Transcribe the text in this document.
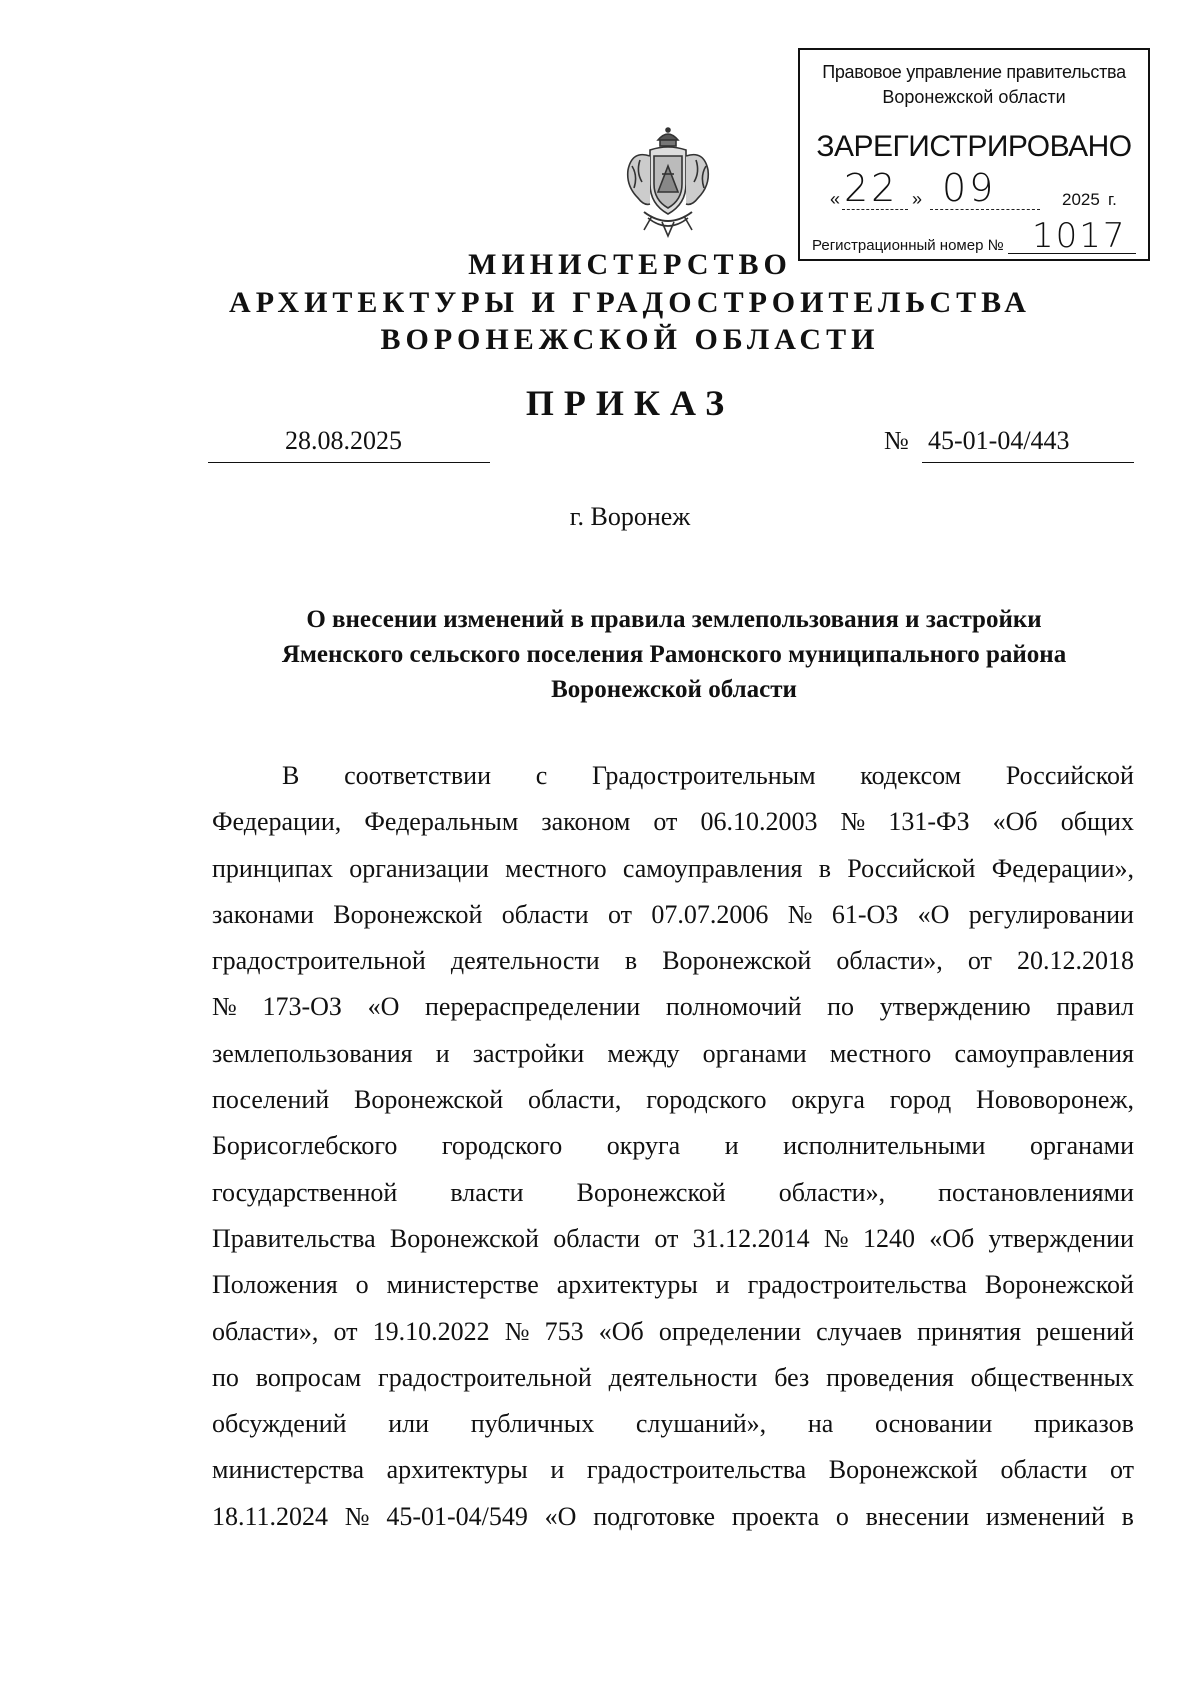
Правовое управление правительства
Воронежской области
ЗАРЕГИСТРИРОВАНО
« 22 » 09	2025 г.
Регистрационный номер № 1017
МИНИСТЕРСТВО
АРХИТЕКТУРЫ И ГРАДОСТРОИТЕЛЬСТВА
ВОРОНЕЖСКОЙ ОБЛАСТИ
ПРИКАЗ
28.08.2025	№ 45-01-04/443
г. Воронеж
О внесении изменений в правила землепользования и застройки
Яменского сельского поселения Рамонского муниципального района
Воронежской области
В соответствии с Градостроительным кодексом Российской
Федерации, Федеральным законом от 06.10.2003 № 131-ФЗ «Об общих
принципах организации местного самоуправления в Российской Федерации»,
законами Воронежской области от 07.07.2006 № 61-ОЗ «О регулировании
градостроительной деятельности в Воронежской области», от 20.12.2018
№ 173-ОЗ «О перераспределении полномочий по утверждению правил
землепользования и застройки между органами местного самоуправления
поселений Воронежской области, городского округа город Нововоронеж,
Борисоглебского городского округа и исполнительными органами
государственной власти Воронежской области», постановлениями
Правительства Воронежской области от 31.12.2014 № 1240 «Об утверждении
Положения о министерстве архитектуры и градостроительства Воронежской
области», от 19.10.2022 № 753 «Об определении случаев принятия решений
по вопросам градостроительной деятельности без проведения общественных
обсуждений или публичных слушаний», на основании приказов
министерства архитектуры и градостроительства Воронежской области от
18.11.2024 № 45-01-04/549 «О подготовке проекта о внесении изменений в
